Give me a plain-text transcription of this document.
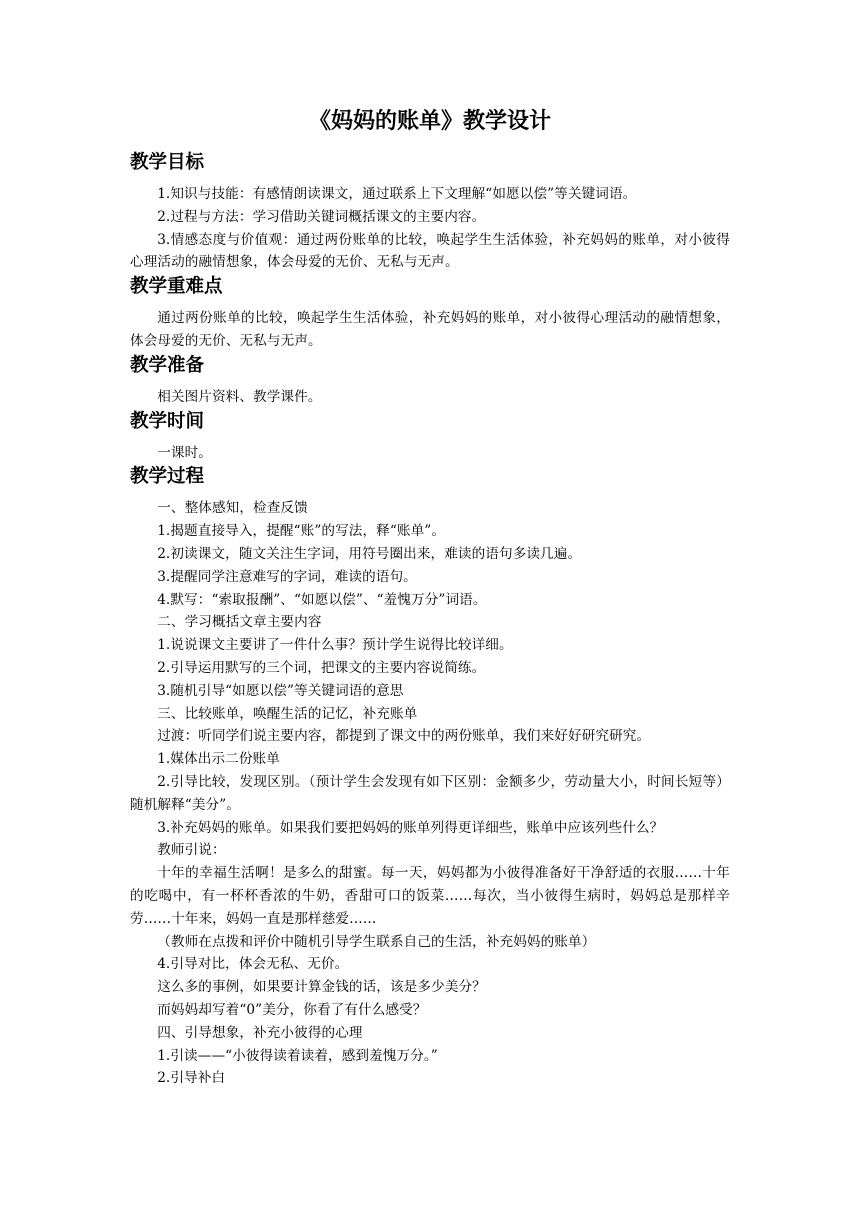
《妈妈的账单》教学设计
教学目标

1.知识与技能：有感情朗读课文，通过联系上下文理解“如愿以偿”等关键词语。

2.过程与方法：学习借助关键词概括课文的主要内容。

3.情感态度与价值观：通过两份账单的比较，唤起学生生活体验，补充妈妈的账单，对小彼得心理活动的融情想象，体会母爱的无价、无私与无声。

教学重难点

通过两份账单的比较，唤起学生生活体验，补充妈妈的账单，对小彼得心理活动的融情想象，体会母爱的无价、无私与无声。

教学准备

相关图片资料、教学课件。

教学时间

一课时。

教学过程

一、整体感知，检查反馈

1.揭题直接导入，提醒“账”的写法，释“账单”。

2.初读课文，随文关注生字词，用符号圈出来，难读的语句多读几遍。

3.提醒同学注意难写的字词，难读的语句。

4.默写：“索取报酬”、“如愿以偿”、“羞愧万分”词语。

二、学习概括文章主要内容

1.说说课文主要讲了一件什么事？预计学生说得比较详细。

2.引导运用默写的三个词，把课文的主要内容说简练。

3.随机引导“如愿以偿”等关键词语的意思

三、比较账单，唤醒生活的记忆，补充账单

过渡：听同学们说主要内容，都提到了课文中的两份账单，我们来好好研究研究。

1.媒体出示二份账单

2.引导比较，发现区别。（预计学生会发现有如下区别：金额多少，劳动量大小，时间长短等）随机解释“美分”。

3.补充妈妈的账单。如果我们要把妈妈的账单列得更详细些，账单中应该列些什么？

教师引说：

十年的幸福生活啊！是多么的甜蜜。每一天，妈妈都为小彼得准备好干净舒适的衣服……十年的吃喝中，有一杯杯香浓的牛奶，香甜可口的饭菜……每次，当小彼得生病时，妈妈总是那样辛劳……十年来，妈妈一直是那样慈爱……

（教师在点拨和评价中随机引导学生联系自己的生活，补充妈妈的账单）

4.引导对比，体会无私、无价。

这么多的事例，如果要计算金钱的话，该是多少美分？

而妈妈却写着“0”美分，你看了有什么感受？

四、引导想象，补充小彼得的心理

1.引读——“小彼得读着读着，感到羞愧万分。”

2.引导补白
